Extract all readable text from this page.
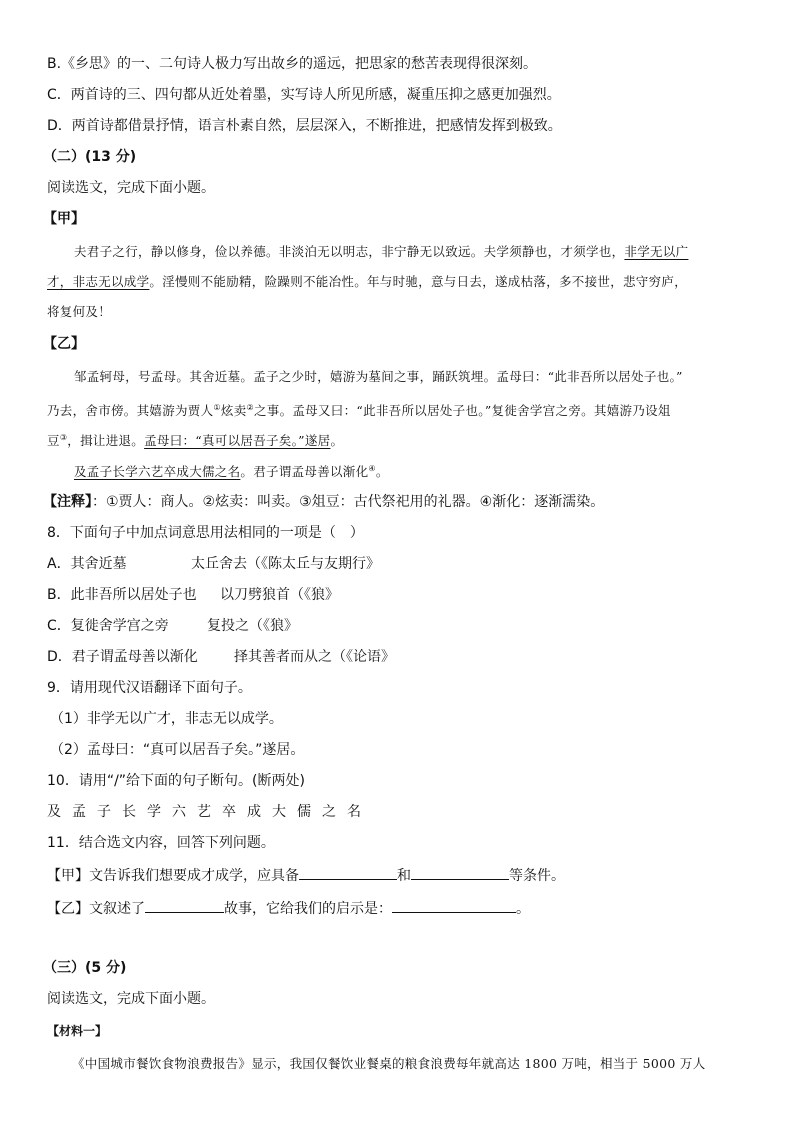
B.《乡思》的一、二句诗人极力写出故乡的遥远，把思家的愁苦表现得很深刻。
C．两首诗的三、四句都从近处着墨，实写诗人所见所感，凝重压抑之感更加强烈。
D．两首诗都借景抒情，语言朴素自然，层层深入，不断推进，把感情发挥到极致。
（二）(13 分)
阅读选文，完成下面小题。
【甲】
夫君子之行，静以修身，俭以养德。非淡泊无以明志，非宁静无以致远。夫学须静也，才须学也，非学无以广
才，非志无以成学。淫慢则不能励精，险躁则不能冶性。年与时驰，意与日去，遂成枯落，多不接世，悲守穷庐，
将复何及！
【乙】
邹孟轲母，号孟母。其舍近墓。孟子之少时，嬉游为墓间之事，踊跃筑埋。孟母曰：“此非吾所以居处子也。”
乃去，舍市傍。其嬉游为贾人①炫卖②之事。孟母又曰：“此非吾所以居处子也。”复徙舍学宫之旁。其嬉游乃设俎
豆③，揖让进退。孟母曰：“真可以居吾子矣。”遂居。
及孟子长学六艺卒成大儒之名。君子谓孟母善以渐化④。
【注释】：①贾人：商人。②炫卖：叫卖。③俎豆：古代祭祀用的礼器。④渐化：逐渐濡染。
8．下面句子中加点词意思用法相同的一项是（　）
A．其舍近墓	太丘舍去（《陈太丘与友期行》
B．此非吾所以居处子也 以刀劈狼首（《狼》
C．复徙舍学宫之旁	复投之（《狼》
D．君子谓孟母善以渐化	择其善者而从之（《论语》
9．请用现代汉语翻译下面句子。
（1）非学无以广才，非志无以成学。
（2）孟母曰：“真可以居吾子矣。”遂居。
10．请用“/”给下面的句子断句。(断两处)
及孟子长学六艺卒成大儒之名
11．结合选文内容，回答下列问题。
【甲】文告诉我们想要成才成学，应具备	和	等条件。
【乙】文叙述了	故事，它给我们的启示是：	。
（三）(5 分)
阅读选文，完成下面小题。
【材料一】
《中国城市餐饮食物浪费报告》显示，我国仅餐饮业餐桌的粮食浪费每年就高达 1800 万吨，相当于 5000 万人
